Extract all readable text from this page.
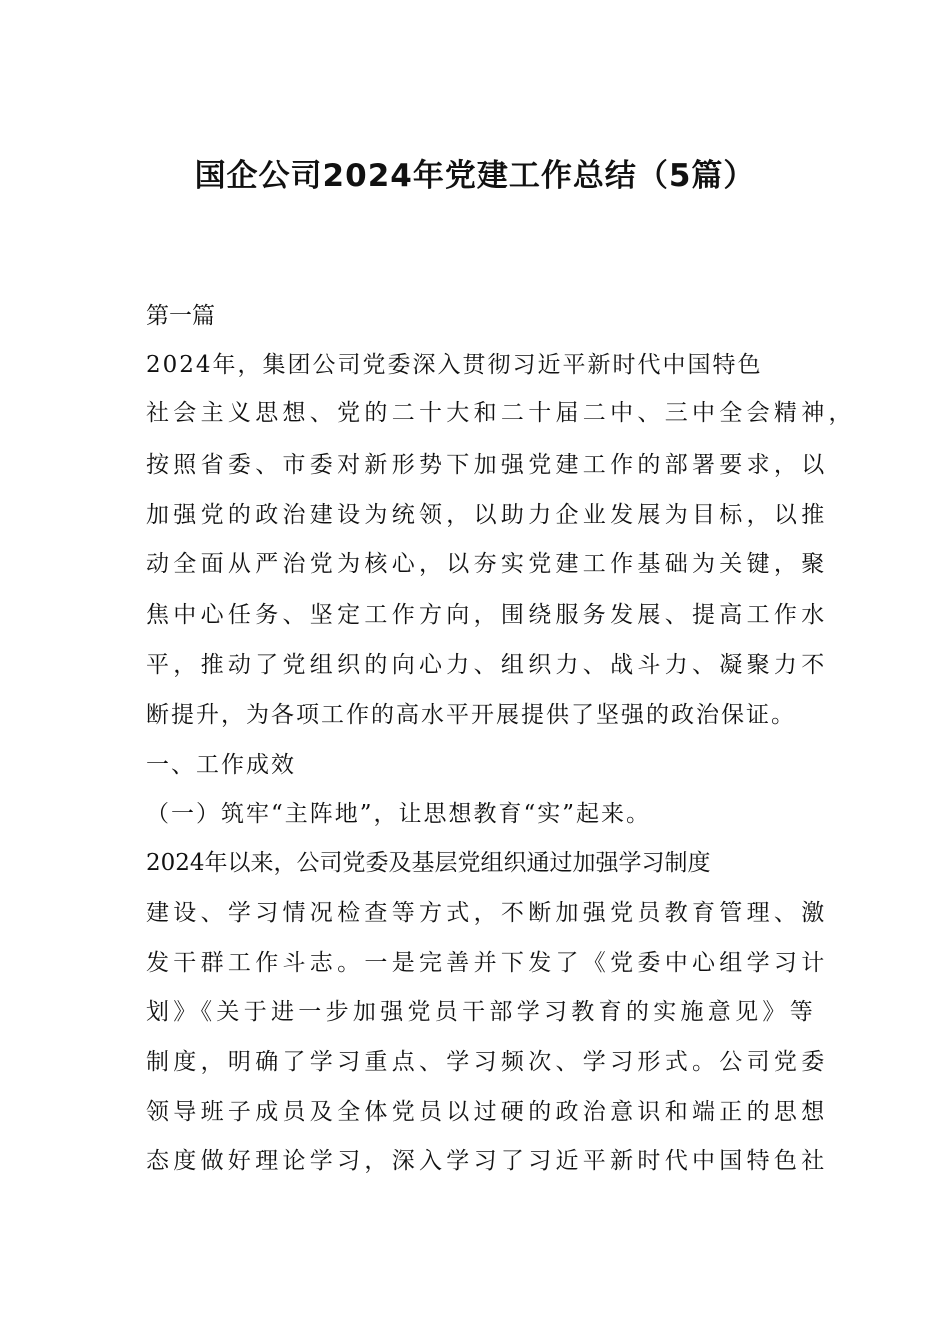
国企公司2024年党建工作总结（5篇）
第一篇
2024年，集团公司党委深入贯彻习近平新时代中国特色
社会主义思想、党的二十大和二十届二中、三中全会精神，
按照省委、市委对新形势下加强党建工作的部署要求，以
加强党的政治建设为统领，以助力企业发展为目标，以推
动全面从严治党为核心，以夯实党建工作基础为关键，聚
焦中心任务、坚定工作方向，围绕服务发展、提高工作水
平，推动了党组织的向心力、组织力、战斗力、凝聚力不
断提升，为各项工作的高水平开展提供了坚强的政治保证。
一、工作成效
（一）筑牢“主阵地”，让思想教育“实”起来。
2024年以来，公司党委及基层党组织通过加强学习制度
建设、学习情况检查等方式，不断加强党员教育管理、激
发干群工作斗志。一是完善并下发了《党委中心组学习计
划》《关于进一步加强党员干部学习教育的实施意见》等
制度，明确了学习重点、学习频次、学习形式。公司党委
领导班子成员及全体党员以过硬的政治意识和端正的思想
态度做好理论学习，深入学习了习近平新时代中国特色社
